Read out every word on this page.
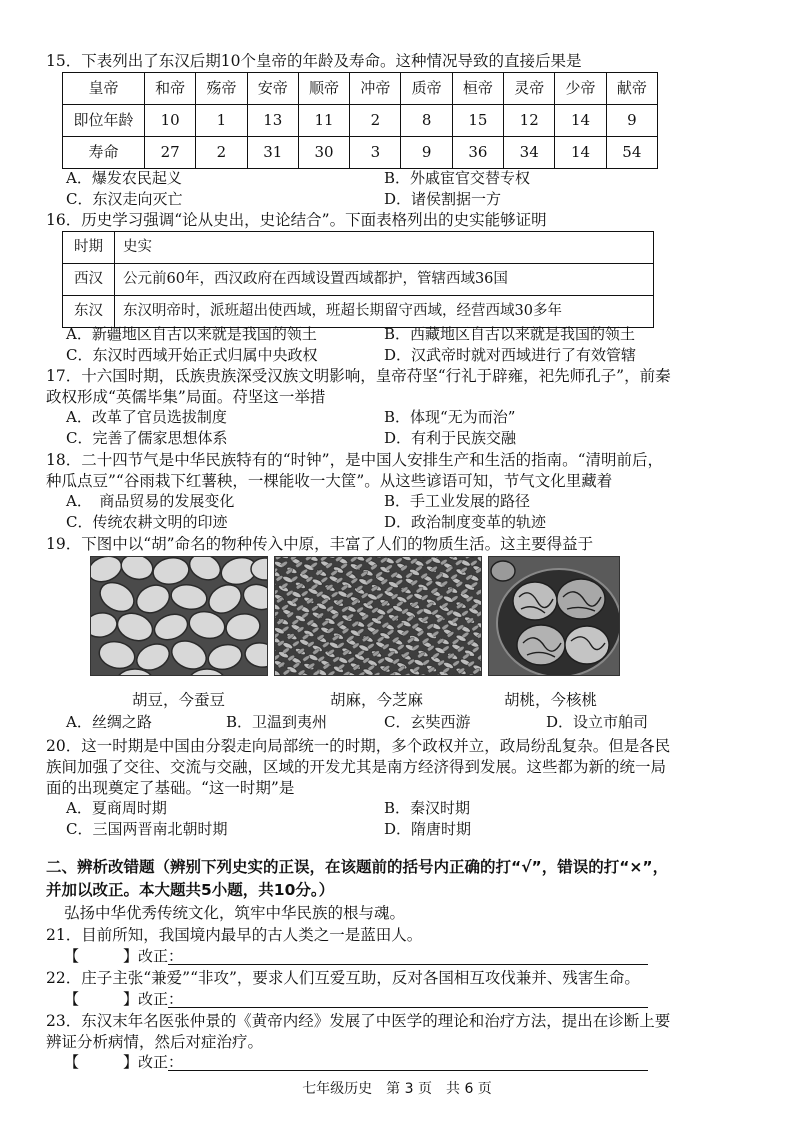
15．下表列出了东汉后期10个皇帝的年龄及寿命。这种情况导致的直接后果是
皇帝	和帝	殇帝	安帝	顺帝	冲帝	质帝	桓帝	灵帝	少帝	献帝
即位年龄	10	1	13	11	2	8	15	12	14	9
寿命	27	2	31	30	3	9	36	34	14	54
A．爆发农民起义	B．外戚宦官交替专权
C．东汉走向灭亡	D．诸侯割据一方
16．历史学习强调“论从史出，史论结合”。下面表格列出的史实能够证明
时期	史实
西汉	公元前60年，西汉政府在西域设置西域都护，管辖西域36国
东汉	东汉明帝时，派班超出使西域，班超长期留守西域，经营西域30多年
A．新疆地区自古以来就是我国的领土	B．西藏地区自古以来就是我国的领土
C．东汉时西域开始正式归属中央政权	D．汉武帝时就对西域进行了有效管辖
17．十六国时期，氐族贵族深受汉族文明影响，皇帝苻坚“行礼于辟雍，祀先师孔子”，前秦
政权形成“英儒毕集”局面。苻坚这一举措
A．改革了官员选拔制度	B．体现“无为而治”
C．完善了儒家思想体系	D．有利于民族交融
18．二十四节气是中华民族特有的“时钟”，是中国人安排生产和生活的指南。“清明前后，
种瓜点豆”“谷雨栽下红薯秧，一棵能收一大筐”。从这些谚语可知，节气文化里藏着
A．　商品贸易的发展变化	B．手工业发展的路径
C．传统农耕文明的印迹	D．政治制度变革的轨迹
19．下图中以“胡”命名的物种传入中原，丰富了人们的物质生活。这主要得益于
胡豆，今蚕豆	胡麻，今芝麻	胡桃，今核桃
A．丝绸之路	B．卫温到夷州	C．玄奘西游	D．设立市舶司
20．这一时期是中国由分裂走向局部统一的时期，多个政权并立，政局纷乱复杂。但是各民
族间加强了交往、交流与交融，区域的开发尤其是南方经济得到发展。这些都为新的统一局
面的出现奠定了基础。“这一时期”是
A．夏商周时期	B．秦汉时期
C．三国两晋南北朝时期	D．隋唐时期
二、辨析改错题（辨别下列史实的正误，在该题前的括号内正确的打“√”，错误的打“×”，
并加以改正。本大题共5小题，共10分。）
弘扬中华优秀传统文化，筑牢中华民族的根与魂。
21．目前所知，我国境内最早的古人类之一是蓝田人。
【	】改正：
22．庄子主张“兼爱”“非攻”，要求人们互爱互助，反对各国相互攻伐兼并、残害生命。
【	】改正：
23．东汉末年名医张仲景的《黄帝内经》发展了中医学的理论和治疗方法，提出在诊断上要
辨证分析病情，然后对症治疗。
【	】改正：
七年级历史　第 3 页　共 6 页
